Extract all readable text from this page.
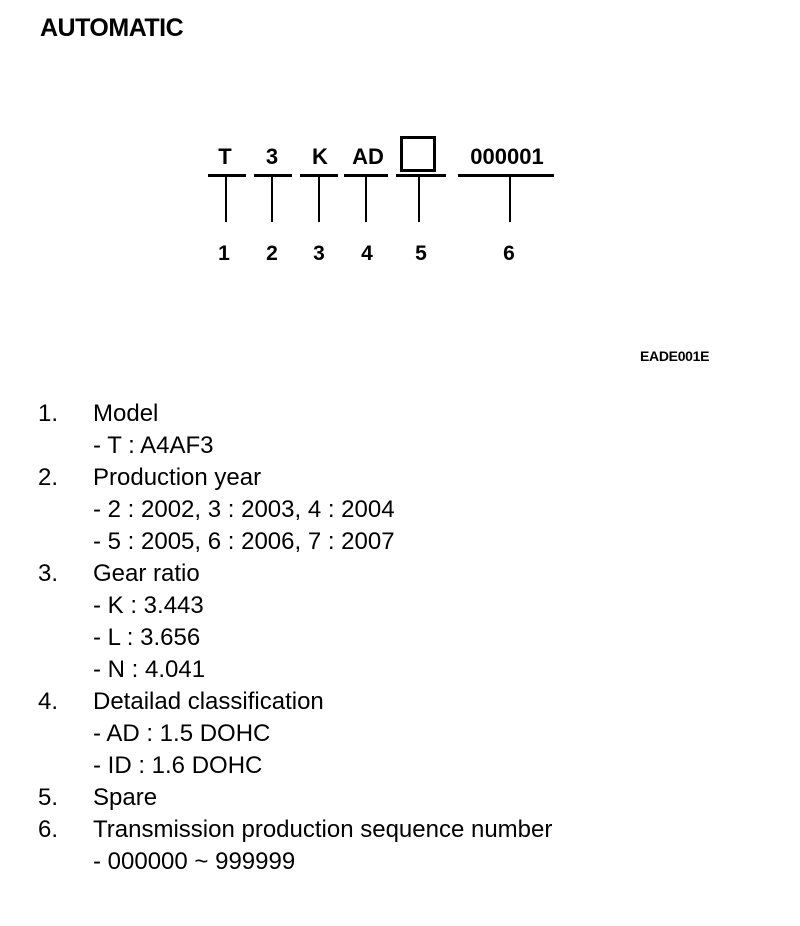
AUTOMATIC
T	3	K	AD	000001
1	2	3	4	5	6
EADE001E
1.	Model
- T : A4AF3
2.	Production year
- 2 : 2002, 3 : 2003, 4 : 2004
- 5 : 2005, 6 : 2006, 7 : 2007
3.	Gear ratio
- K : 3.443
- L : 3.656
- N : 4.041
4.	Detailad classification
- AD : 1.5 DOHC
- ID : 1.6 DOHC
5.	Spare
6.	Transmission production sequence number
- 000000 ~ 999999
